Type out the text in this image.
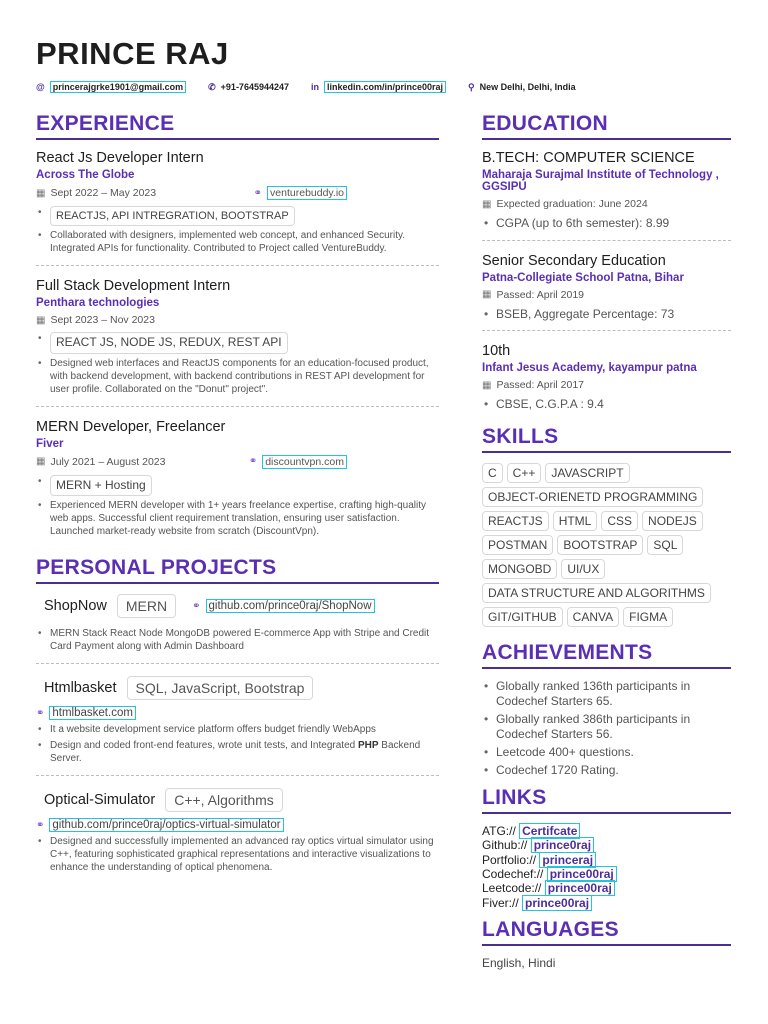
PRINCE RAJ
@ princerajgrke1901@gmail.com	✆ +91-7645944247 in linkedin.com/in/prince00raj	⚲ New Delhi, Delhi, India
EXPERIENCE
React Js Developer Intern
Across The Globe
▦ Sept 2022 – May 2023	⚭ venturebuddy.io
• REACTJS, API INTREGRATION, BOOTSTRAP
• Collaborated with designers, implemented web concept, and enhanced Security. Integrated APIs for functionality. Contributed to Project called VentureBuddy.
Full Stack Development Intern
Penthara technologies
▦ Sept 2023 – Nov 2023
• REACT JS, NODE JS, REDUX, REST API
• Designed web interfaces and ReactJS components for an education-focused product, with backend development, with backend contributions in REST API development for user profile. Collaborated on the "Donut" project".
MERN Developer, Freelancer
Fiver
▦ July 2021 – August 2023	⚭ discountvpn.com
• MERN + Hosting
• Experienced MERN developer with 1+ years freelance expertise, crafting high-quality web apps. Successful client requirement translation, ensuring user satisfaction. Launched market-ready website from scratch (DiscountVpn).
PERSONAL PROJECTS
ShopNow	MERN	⚭ github.com/prince0raj/ShopNow
• MERN Stack React Node MongoDB powered E-commerce App with Stripe and Credit Card Payment along with Admin Dashboard
Htmlbasket	SQL, JavaScript, Bootstrap
⚭ htmlbasket.com
• It a website development service platform offers budget friendly WebApps
• Design and coded front-end features, wrote unit tests, and Integrated PHP Backend Server.
Optical-Simulator	C++, Algorithms
⚭ github.com/prince0raj/optics-virtual-simulator
• Designed and successfully implemented an advanced ray optics virtual simulator using C++, featuring sophisticated graphical representations and interactive visualizations to enhance the understanding of optical phenomena.
EDUCATION
B.TECH: COMPUTER SCIENCE
Maharaja Surajmal Institute of Technology , GGSIPU
▦ Expected graduation: June 2024
• CGPA (up to 6th semester): 8.99
Senior Secondary Education
Patna-Collegiate School Patna, Bihar
▦ Passed: April 2019
• BSEB, Aggregate Percentage: 73
10th
Infant Jesus Academy, kayampur patna
▦ Passed: April 2017
• CBSE, C.G.P.A : 9.4
SKILLS
C	C++	JAVASCRIPT
OBJECT-ORIENETD PROGRAMMING
REACTJS	HTML	CSS	NODEJS
POSTMAN	BOOTSTRAP	SQL
MONGOBD	UI/UX
DATA STRUCTURE AND ALGORITHMS
GIT/GITHUB	CANVA	FIGMA
ACHIEVEMENTS
• Globally ranked 136th participants in Codechef Starters 65.
• Globally ranked 386th participants in Codechef Starters 56.
• Leetcode 400+ questions.
• Codechef 1720 Rating.
LINKS
ATG:// Certifcate
Github:// prince0raj
Portfolio:// princeraj
Codechef:// prince00raj
Leetcode:// prince00raj
Fiver:// prince00raj
LANGUAGES
English, Hindi
